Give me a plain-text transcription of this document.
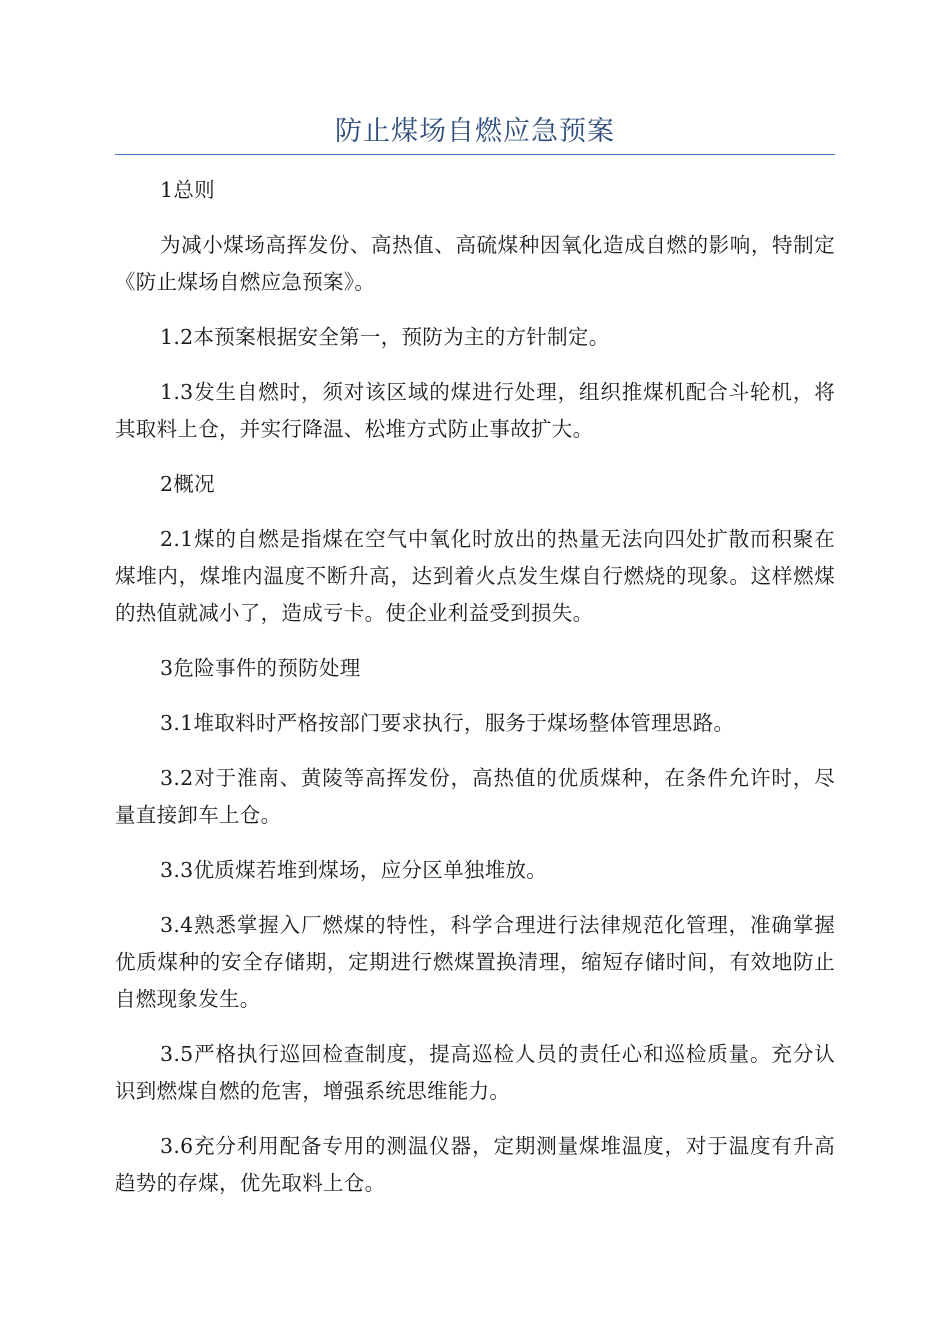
防止煤场自燃应急预案

1总则

为减小煤场高挥发份、高热值、高硫煤种因氧化造成自燃的影响，特制定《防止煤场自燃应急预案》。

1.2本预案根据安全第一，预防为主的方针制定。

1.3发生自燃时，须对该区域的煤进行处理，组织推煤机配合斗轮机，将其取料上仓，并实行降温、松堆方式防止事故扩大。

2概况

2.1煤的自燃是指煤在空气中氧化时放出的热量无法向四处扩散而积聚在煤堆内，煤堆内温度不断升高，达到着火点发生煤自行燃烧的现象。这样燃煤的热值就减小了，造成亏卡。使企业利益受到损失。

3危险事件的预防处理

3.1堆取料时严格按部门要求执行，服务于煤场整体管理思路。

3.2对于淮南、黄陵等高挥发份，高热值的优质煤种，在条件允许时，尽量直接卸车上仓。

3.3优质煤若堆到煤场，应分区单独堆放。

3.4熟悉掌握入厂燃煤的特性，科学合理进行法律规范化管理，准确掌握优质煤种的安全存储期，定期进行燃煤置换清理，缩短存储时间，有效地防止自燃现象发生。

3.5严格执行巡回检查制度，提高巡检人员的责任心和巡检质量。充分认识到燃煤自燃的危害，增强系统思维能力。

3.6充分利用配备专用的测温仪器，定期测量煤堆温度，对于温度有升高趋势的存煤，优先取料上仓。
